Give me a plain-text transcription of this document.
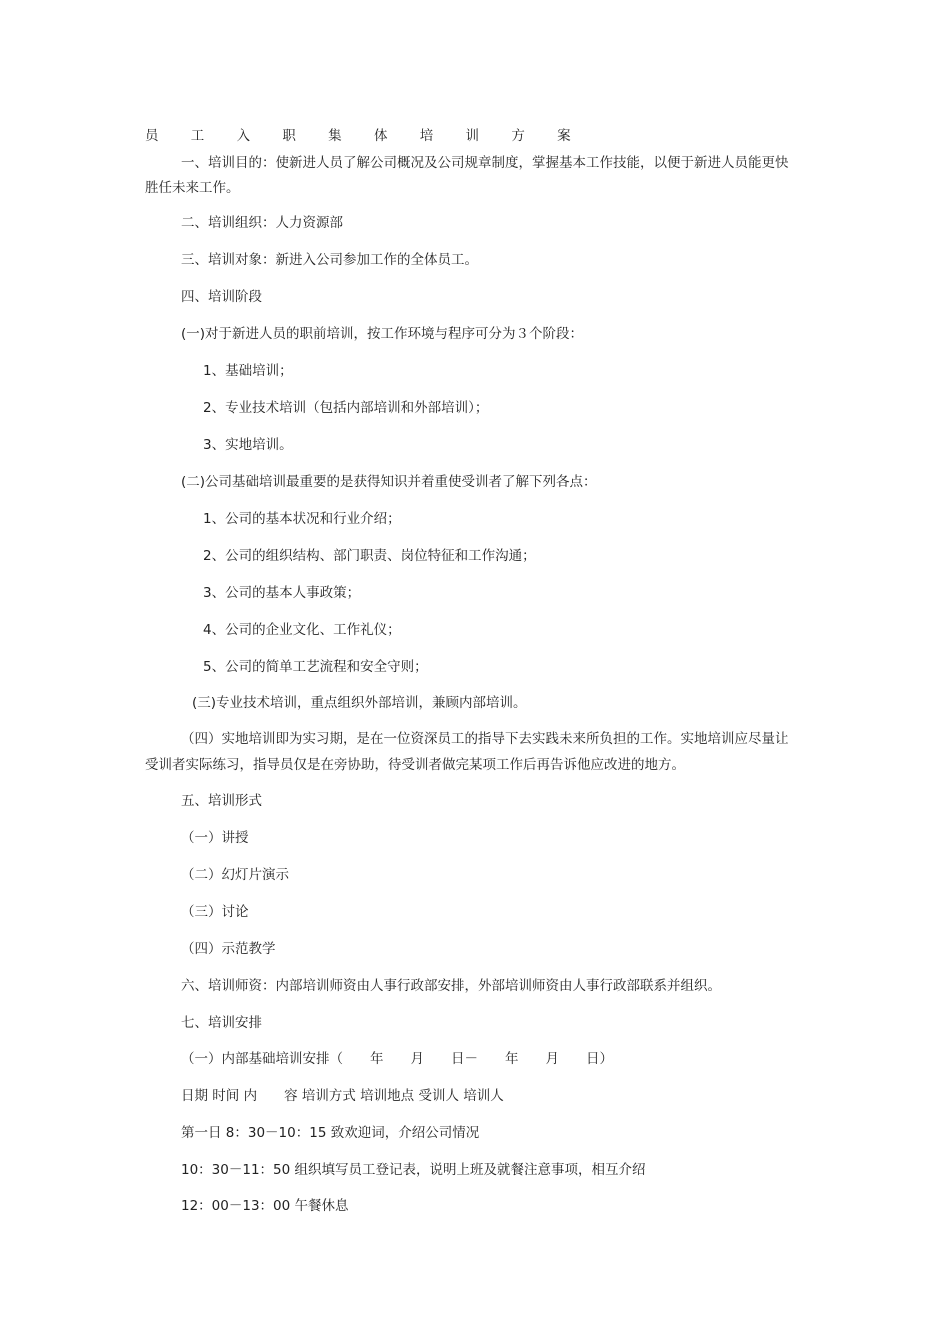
员 工 入 职 集 体 培 训 方 案
一、培训目的：使新进人员了解公司概况及公司规章制度，掌握基本工作技能，以便于新进人员能更快
胜任未来工作。
二、培训组织：人力资源部
三、培训对象：新进入公司参加工作的全体员工。
四、培训阶段
(一)对于新进人员的职前培训，按工作环境与程序可分为３个阶段：
1、基础培训；
2、专业技术培训（包括内部培训和外部培训）；
3、实地培训。
(二)公司基础培训最重要的是获得知识并着重使受训者了解下列各点：
1、公司的基本状况和行业介绍；
2、公司的组织结构、部门职责、岗位特征和工作沟通；
3、公司的基本人事政策；
4、公司的企业文化、工作礼仪；
5、公司的简单工艺流程和安全守则；
(三)专业技术培训，重点组织外部培训，兼顾内部培训。
（四）实地培训即为实习期，是在一位资深员工的指导下去实践未来所负担的工作。实地培训应尽量让
受训者实际练习，指导员仅是在旁协助，待受训者做完某项工作后再告诉他应改进的地方。
五、培训形式
（一）讲授
（二）幻灯片演示
（三）讨论
（四）示范教学
六、培训师资：内部培训师资由人事行政部安排，外部培训师资由人事行政部联系并组织。
七、培训安排
（一）内部基础培训安排（　　年　　月　　日－　　年　　月　　日）
日期 时间 内　　容 培训方式 培训地点 受训人 培训人
第一日 8：30－10：15 致欢迎词，介绍公司情况
10：30－11：50 组织填写员工登记表，说明上班及就餐注意事项，相互介绍
12：00－13：00 午餐休息
